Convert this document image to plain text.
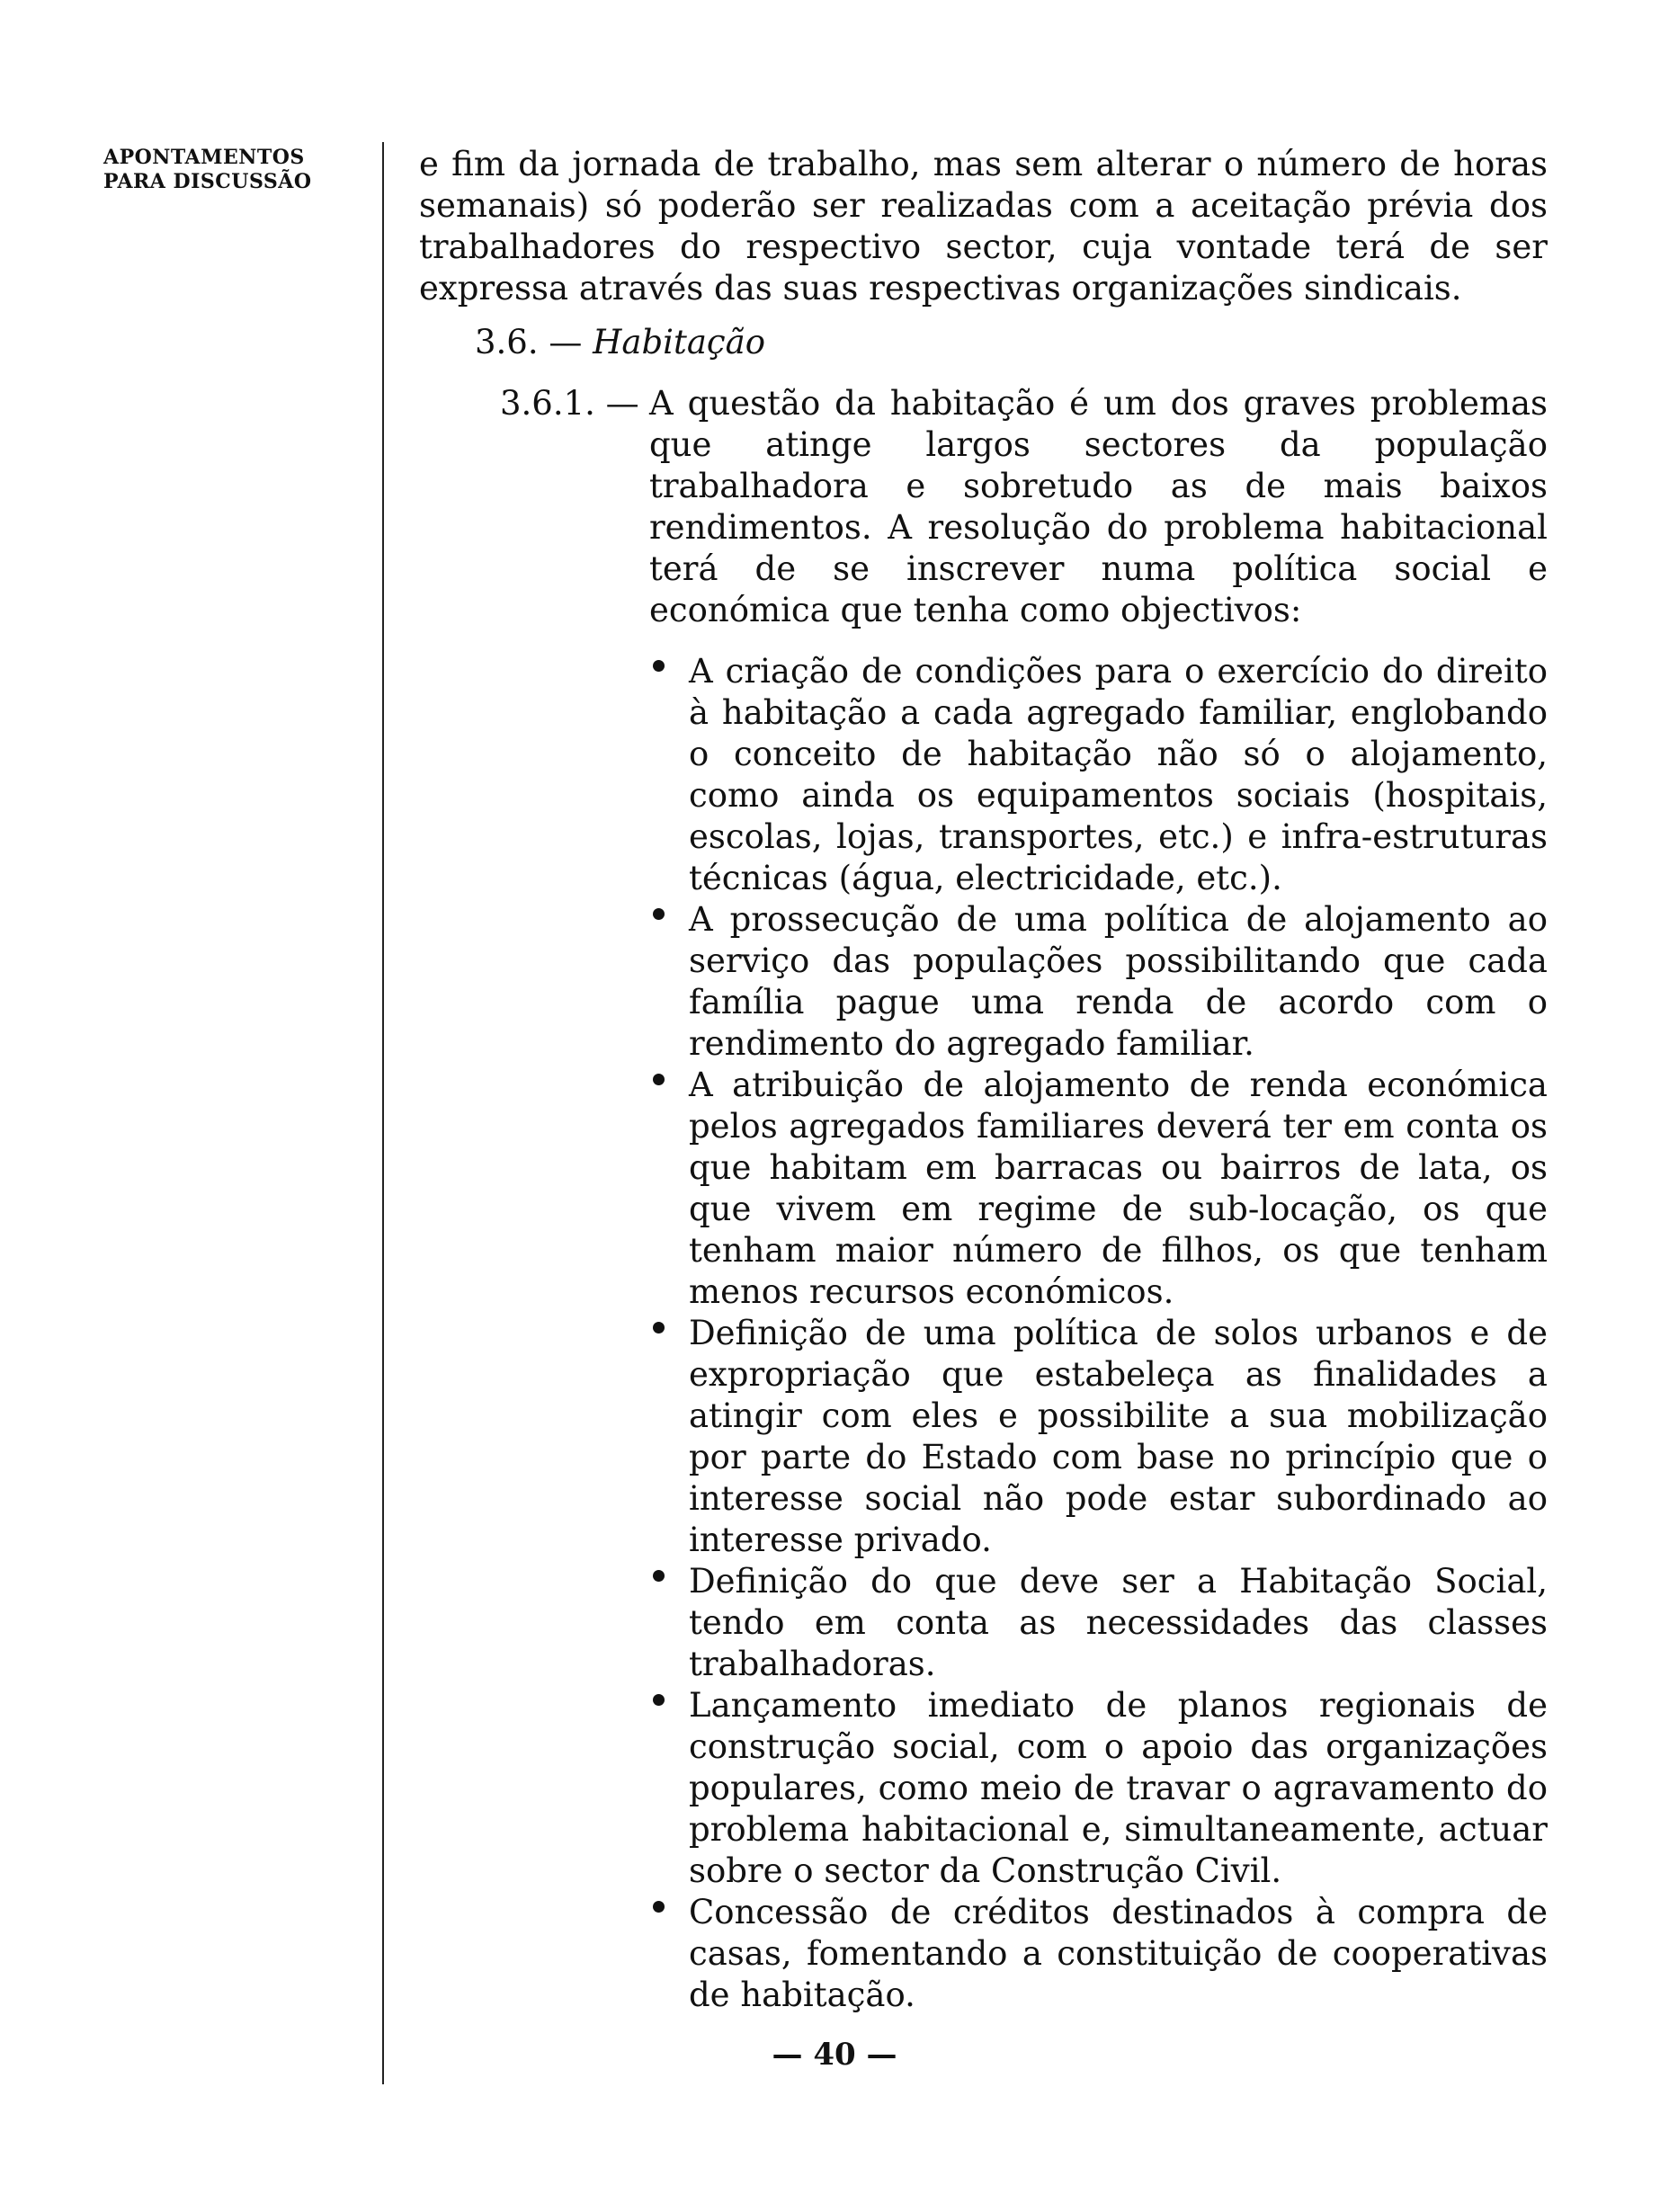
APONTAMENTOS
PARA DISCUSSÃO	e fim da jornada de trabalho, mas sem alterar o número de horas semanais) só poderão ser realizadas com a aceitação prévia dos trabalhadores do respectivo sector, cuja vontade terá de ser expressa através das suas respectivas organizações sindicais.

3.6. — Habitação
3.6.1. — A questão da habitação é um dos graves problemas que atinge largos sectores da população trabalhadora e sobretudo as de mais baixos rendimentos. A resolução do problema habitacional terá de se inscrever numa política social e económica que tenha como objectivos:
A criação de condições para o exercício do direito à habitação a cada agregado familiar, englobando o conceito de habitação não só o alojamento, como ainda os equipamentos sociais (hospitais, escolas, lojas, transportes, etc.) e infra-estruturas técnicas (água, electricidade, etc.).
A prossecução de uma política de alojamento ao serviço das populações possibilitando que cada família pague uma renda de acordo com o rendimento do agregado familiar.
A atribuição de alojamento de renda económica pelos agregados familiares deverá ter em conta os que habitam em barracas ou bairros de lata, os que vivem em regime de sub-locação, os que tenham maior número de filhos, os que tenham menos recursos económicos.
Definição de uma política de solos urbanos e de expropriação que estabeleça as finalidades a atingir com eles e possibilite a sua mobilização por parte do Estado com base no princípio que o interesse social não pode estar subordinado ao interesse privado.
Definição do que deve ser a Habitação Social, tendo em conta as necessidades das classes trabalhadoras.
Lançamento imediato de planos regionais de construção social, com o apoio das organizações populares, como meio de travar o agravamento do problema habitacional e, simultaneamente, actuar sobre o sector da Construção Civil.
Concessão de créditos destinados à compra de casas, fomentando a constituição de cooperativas de habitação.
— 40 —
